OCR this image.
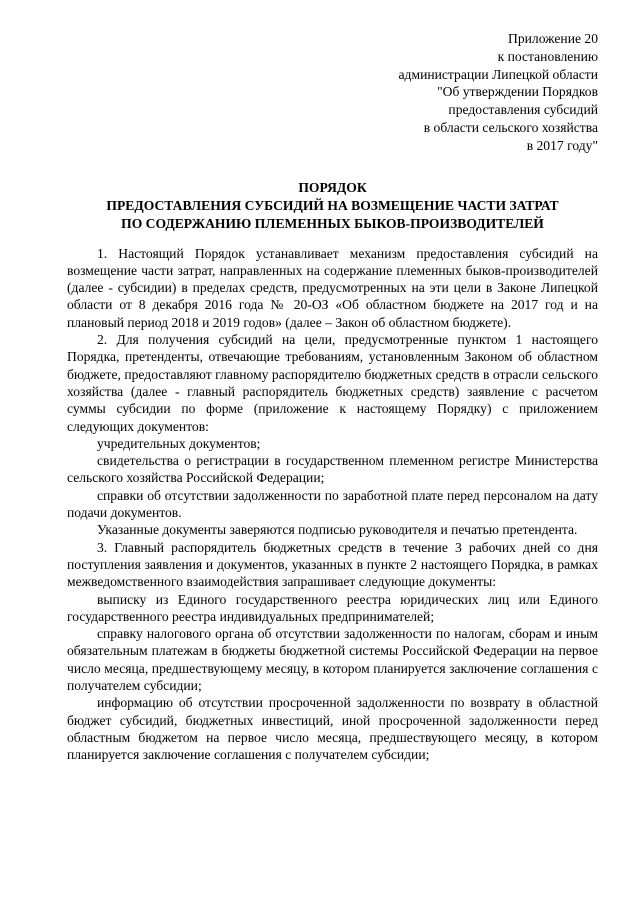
Приложение 20
к постановлению
администрации Липецкой области
"Об утверждении Порядков
предоставления субсидий
в области сельского хозяйства
в 2017 году"
ПОРЯДОК
ПРЕДОСТАВЛЕНИЯ СУБСИДИЙ НА ВОЗМЕЩЕНИЕ ЧАСТИ ЗАТРАТ
ПО СОДЕРЖАНИЮ ПЛЕМЕННЫХ БЫКОВ-ПРОИЗВОДИТЕЛЕЙ

1. Настоящий Порядок устанавливает механизм предоставления субсидий на возмещение части затрат, направленных на содержание племенных быков-производителей (далее - субсидии) в пределах средств, предусмотренных на эти цели в Законе Липецкой области от 8 декабря 2016 года № 20-ОЗ «Об областном бюджете на 2017 год и на плановый период 2018 и 2019 годов» (далее – Закон об областном бюджете).

2. Для получения субсидий на цели, предусмотренные пунктом 1 настоящего Порядка, претенденты, отвечающие требованиям, установленным Законом об областном бюджете, предоставляют главному распорядителю бюджетных средств в отрасли сельского хозяйства (далее - главный распорядитель бюджетных средств) заявление с расчетом суммы субсидии по форме (приложение к настоящему Порядку) с приложением следующих документов:

учредительных документов;

свидетельства о регистрации в государственном племенном регистре Министерства сельского хозяйства Российской Федерации;

справки об отсутствии задолженности по заработной плате перед персоналом на дату подачи документов.

Указанные документы заверяются подписью руководителя и печатью претендента.

3. Главный распорядитель бюджетных средств в течение 3 рабочих дней со дня поступления заявления и документов, указанных в пункте 2 настоящего Порядка, в рамках межведомственного взаимодействия запрашивает следующие документы:

выписку из Единого государственного реестра юридических лиц или Единого государственного реестра индивидуальных предпринимателей;

справку налогового органа об отсутствии задолженности по налогам, сборам и иным обязательным платежам в бюджеты бюджетной системы Российской Федерации на первое число месяца, предшествующему месяцу, в котором планируется заключение соглашения с получателем субсидии;

информацию об отсутствии просроченной задолженности по возврату в областной бюджет субсидий, бюджетных инвестиций, иной просроченной задолженности перед областным бюджетом на первое число месяца, предшествующего месяцу, в котором планируется заключение соглашения с получателем субсидии;
